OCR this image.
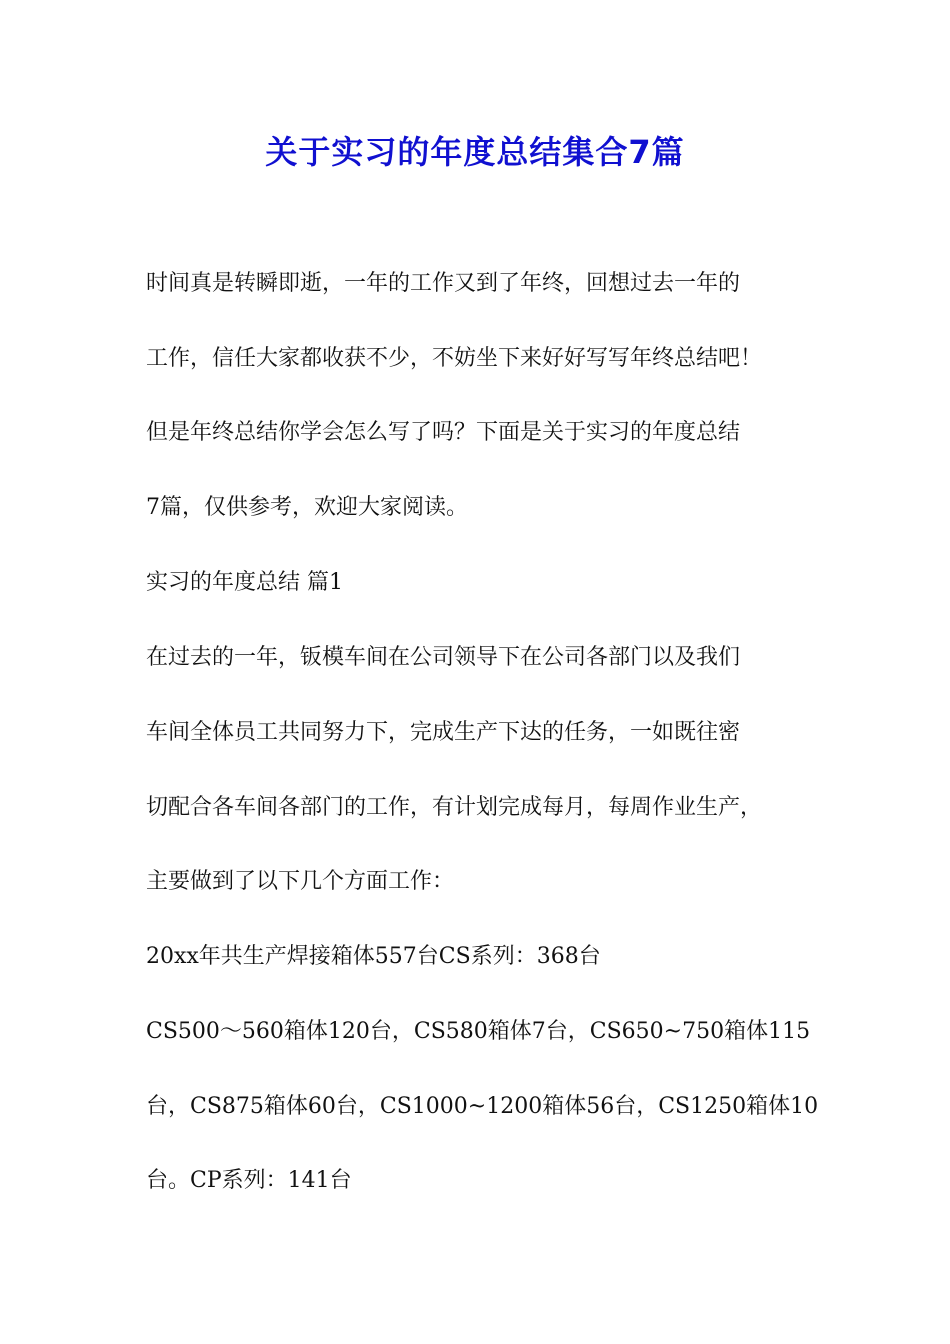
关于实习的年度总结集合7篇

时间真是转瞬即逝，一年的工作又到了年终，回想过去一年的

工作，信任大家都收获不少，不妨坐下来好好写写年终总结吧！

但是年终总结你学会怎么写了吗？下面是关于实习的年度总结

7篇，仅供参考，欢迎大家阅读。

实习的年度总结 篇1

在过去的一年，钣模车间在公司领导下在公司各部门以及我们

车间全体员工共同努力下，完成生产下达的任务，一如既往密

切配合各车间各部门的工作，有计划完成每月，每周作业生产，

主要做到了以下几个方面工作：

20xx年共生产焊接箱体557台CS系列：368台

CS500～560箱体120台，CS580箱体7台，CS650~750箱体115

台，CS875箱体60台，CS1000~1200箱体56台，CS1250箱体10

台。CP系列：141台
